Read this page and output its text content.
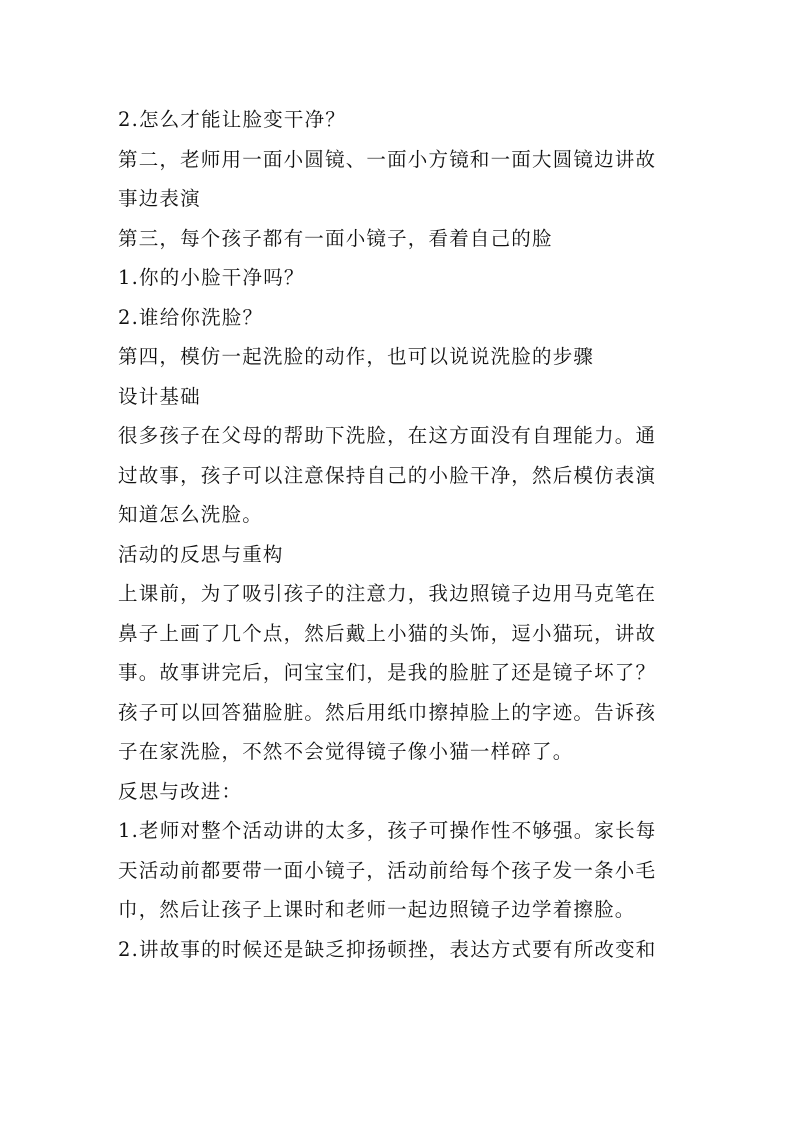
2.怎么才能让脸变干净？
第二，老师用一面小圆镜、一面小方镜和一面大圆镜边讲故
事边表演
第三，每个孩子都有一面小镜子，看着自己的脸
1.你的小脸干净吗？
2.谁给你洗脸？
第四，模仿一起洗脸的动作，也可以说说洗脸的步骤
设计基础
很多孩子在父母的帮助下洗脸，在这方面没有自理能力。通
过故事，孩子可以注意保持自己的小脸干净，然后模仿表演
知道怎么洗脸。
活动的反思与重构
上课前，为了吸引孩子的注意力，我边照镜子边用马克笔在
鼻子上画了几个点，然后戴上小猫的头饰，逗小猫玩，讲故
事。故事讲完后，问宝宝们，是我的脸脏了还是镜子坏了？
孩子可以回答猫脸脏。然后用纸巾擦掉脸上的字迹。告诉孩
子在家洗脸，不然不会觉得镜子像小猫一样碎了。
反思与改进：
1.老师对整个活动讲的太多，孩子可操作性不够强。家长每
天活动前都要带一面小镜子，活动前给每个孩子发一条小毛
巾，然后让孩子上课时和老师一起边照镜子边学着擦脸。
2.讲故事的时候还是缺乏抑扬顿挫，表达方式要有所改变和
